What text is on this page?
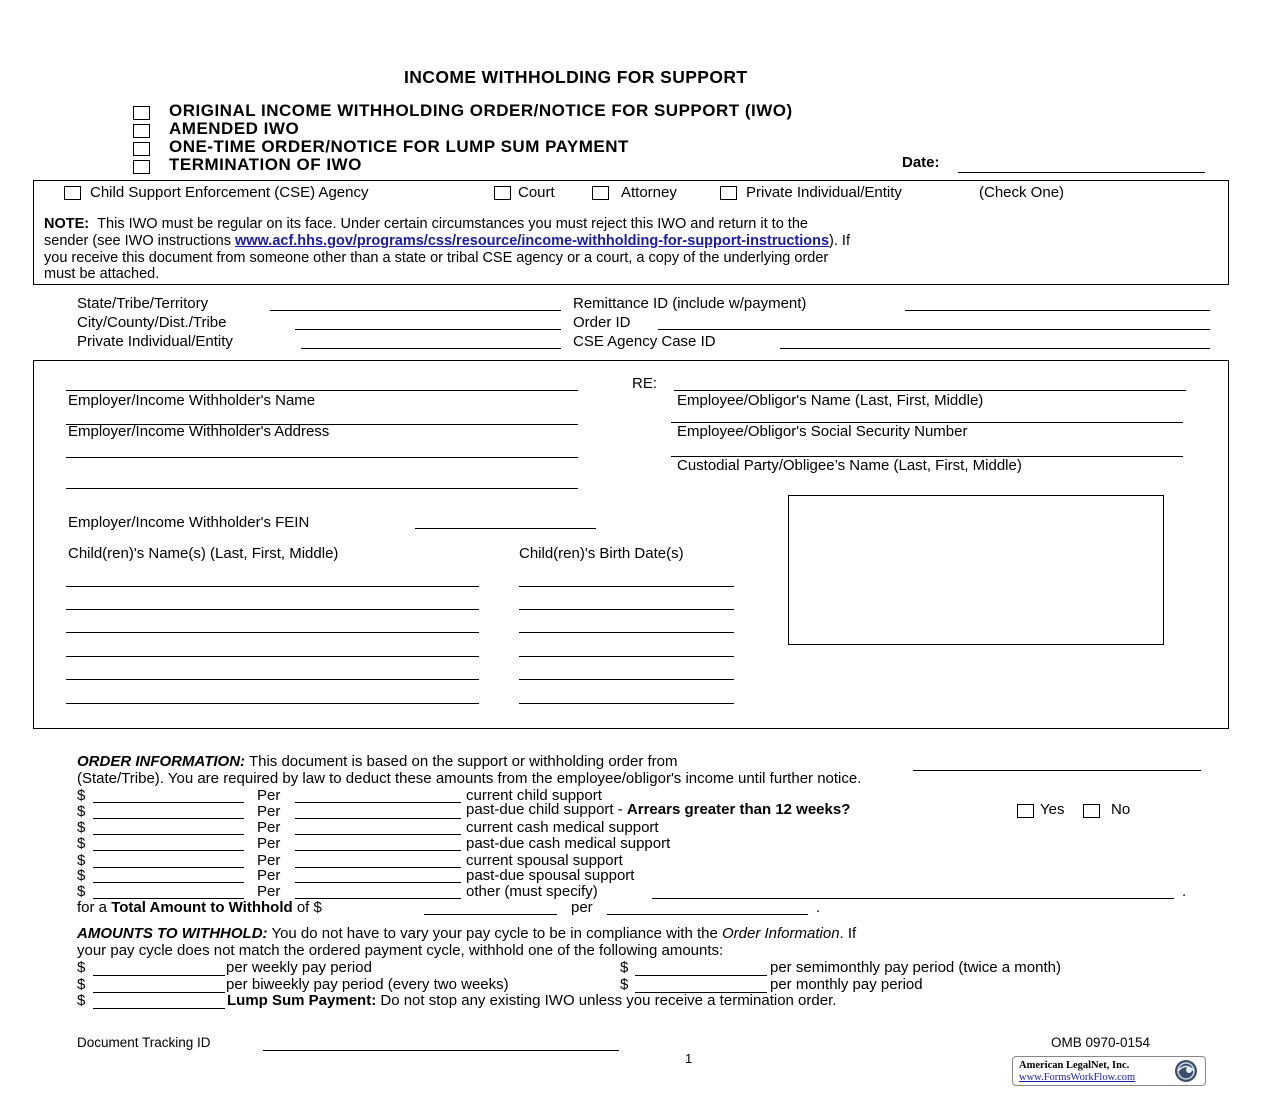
INCOME WITHHOLDING FOR SUPPORT
ORIGINAL INCOME WITHHOLDING ORDER/NOTICE FOR SUPPORT (IWO)
AMENDED IWO
ONE-TIME ORDER/NOTICE FOR LUMP SUM PAYMENT
TERMINATION OF IWO	Date:
Child Support Enforcement (CSE) Agency	Court	Attorney	Private Individual/Entity	(Check One)
NOTE: This IWO must be regular on its face. Under certain circumstances you must reject this IWO and return it to the
sender (see IWO instructions www.acf.hhs.gov/programs/css/resource/income-withholding-for-support-instructions). If
you receive this document from someone other than a state or tribal CSE agency or a court, a copy of the underlying order
must be attached.
State/Tribe/Territory
City/County/Dist./Tribe
Private Individual/Entity
Remittance ID (include w/payment)
Order ID
CSE Agency Case ID
Employer/Income Withholder's Name
Employer/Income Withholder's Address
RE:
Employee/Obligor's Name (Last, First, Middle)
Employee/Obligor's Social Security Number
Custodial Party/Obligee’s Name (Last, First, Middle)
Employer/Income Withholder's FEIN
Child(ren)'s Name(s) (Last, First, Middle)	Child(ren)'s Birth Date(s)
ORDER INFORMATION: This document is based on the support or withholding order from
(State/Tribe). You are required by law to deduct these amounts from the employee/obligor's income until further notice.
$	Per	current child support
$	Per	past-due child support - Arrears greater than 12 weeks?	Yes	No
$	Per	current cash medical support
$	Per	past-due cash medical support
$	Per	current spousal support
$	Per	past-due spousal support
$	Per	other (must specify)	.
for a Total Amount to Withhold of $	per	.
AMOUNTS TO WITHHOLD: You do not have to vary your pay cycle to be in compliance with the Order Information. If
your pay cycle does not match the ordered payment cycle, withhold one of the following amounts:
$	per weekly pay period	$	per semimonthly pay period (twice a month)
$	per biweekly pay period (every two weeks)	$	per monthly pay period
$	Lump Sum Payment: Do not stop any existing IWO unless you receive a termination order.
Document Tracking ID	OMB 0970-0154
1	American LegalNet, Inc.
www.FormsWorkFlow.com
